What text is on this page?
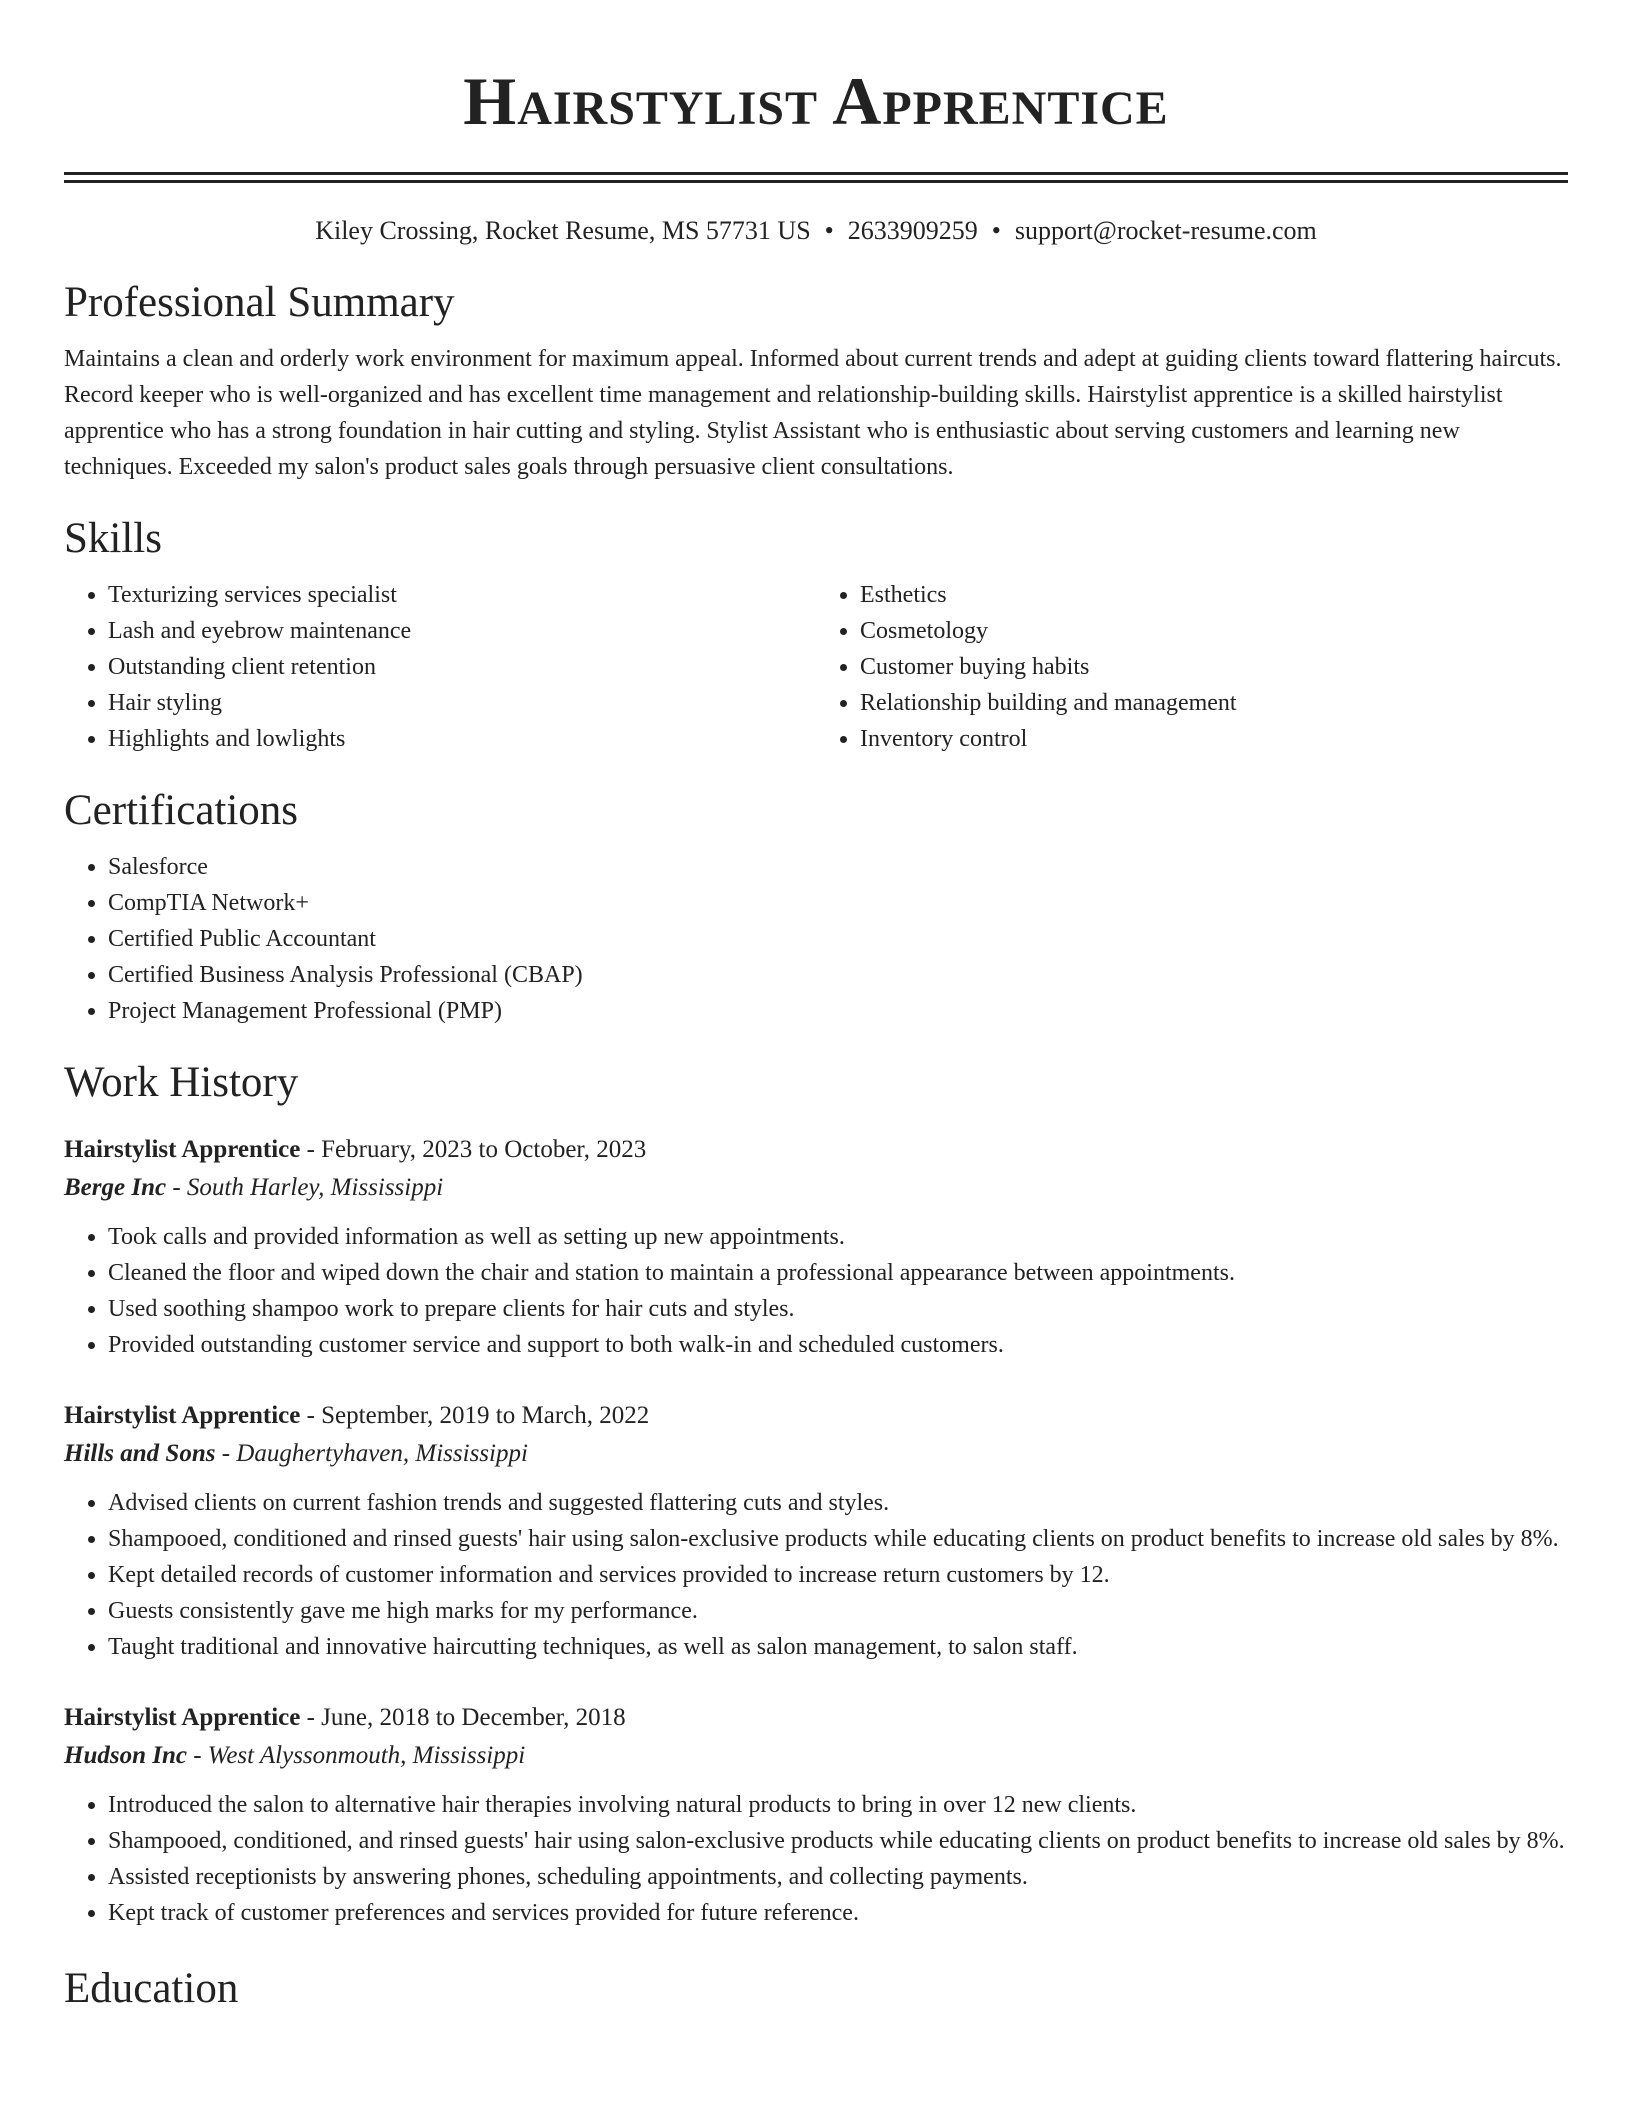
Hairstylist Apprentice
Kiley Crossing, Rocket Resume, MS 57731 US • 2633909259 • support@rocket-resume.com
Professional Summary

Maintains a clean and orderly work environment for maximum appeal. Informed about current trends and adept at guiding clients toward flattering haircuts. Record keeper who is well-organized and has excellent time management and relationship-building skills. Hairstylist apprentice is a skilled hairstylist apprentice who has a strong foundation in hair cutting and styling. Stylist Assistant who is enthusiastic about serving customers and learning new techniques. Exceeded my salon's product sales goals through persuasive client consultations.

Skills
• Texturizing services specialist
• Lash and eyebrow maintenance
• Outstanding client retention
• Hair styling
• Highlights and lowlights
• Esthetics
• Cosmetology
• Customer buying habits
• Relationship building and management
• Inventory control
Certifications
• Salesforce
• CompTIA Network+
• Certified Public Accountant
• Certified Business Analysis Professional (CBAP)
• Project Management Professional (PMP)
Work History
Hairstylist Apprentice - February, 2023 to October, 2023
Berge Inc - South Harley, Mississippi
• Took calls and provided information as well as setting up new appointments.
• Cleaned the floor and wiped down the chair and station to maintain a professional appearance between appointments.
• Used soothing shampoo work to prepare clients for hair cuts and styles.
• Provided outstanding customer service and support to both walk-in and scheduled customers.
Hairstylist Apprentice - September, 2019 to March, 2022
Hills and Sons - Daughertyhaven, Mississippi
• Advised clients on current fashion trends and suggested flattering cuts and styles.
• Shampooed, conditioned and rinsed guests' hair using salon-exclusive products while educating clients on product benefits to increase old sales by 8%.
• Kept detailed records of customer information and services provided to increase return customers by 12.
• Guests consistently gave me high marks for my performance.
• Taught traditional and innovative haircutting techniques, as well as salon management, to salon staff.
Hairstylist Apprentice - June, 2018 to December, 2018
Hudson Inc - West Alyssonmouth, Mississippi
• Introduced the salon to alternative hair therapies involving natural products to bring in over 12 new clients.
• Shampooed, conditioned, and rinsed guests' hair using salon-exclusive products while educating clients on product benefits to increase old sales by 8%.
• Assisted receptionists by answering phones, scheduling appointments, and collecting payments.
• Kept track of customer preferences and services provided for future reference.
Education
